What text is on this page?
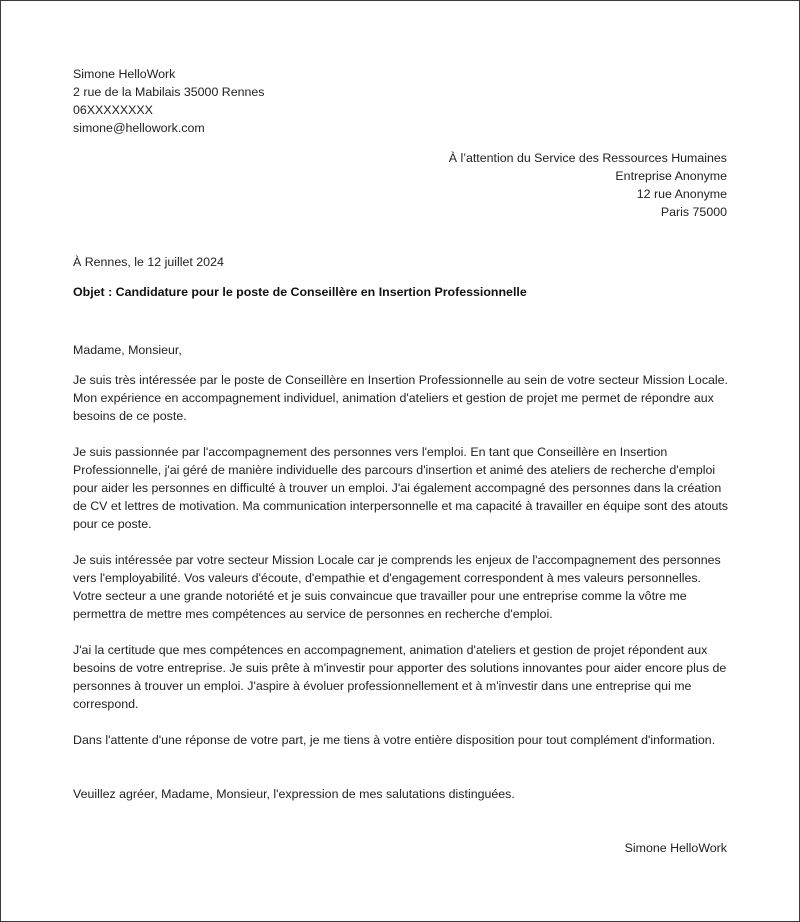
Simone HelloWork
2 rue de la Mabilais 35000 Rennes
06XXXXXXXX
simone@hellowork.com
À l’attention du Service des Ressources Humaines
Entreprise Anonyme
12 rue Anonyme
Paris 75000
À Rennes, le 12 juillet 2024
Objet : Candidature pour le poste de Conseillère en Insertion Professionnelle
Madame, Monsieur,

Je suis très intéressée par le poste de Conseillère en Insertion Professionnelle au sein de votre secteur Mission Locale. Mon expérience en accompagnement individuel, animation d'ateliers et gestion de projet me permet de répondre aux besoins de ce poste.

Je suis passionnée par l'accompagnement des personnes vers l'emploi. En tant que Conseillère en Insertion Professionnelle, j'ai géré de manière individuelle des parcours d'insertion et animé des ateliers de recherche d'emploi pour aider les personnes en difficulté à trouver un emploi. J'ai également accompagné des personnes dans la création de CV et lettres de motivation. Ma communication interpersonnelle et ma capacité à travailler en équipe sont des atouts pour ce poste.

Je suis intéressée par votre secteur Mission Locale car je comprends les enjeux de l'accompagnement des personnes vers l'employabilité. Vos valeurs d'écoute, d'empathie et d'engagement correspondent à mes valeurs personnelles. Votre secteur a une grande notoriété et je suis convaincue que travailler pour une entreprise comme la vôtre me permettra de mettre mes compétences au service de personnes en recherche d'emploi.

J'ai la certitude que mes compétences en accompagnement, animation d'ateliers et gestion de projet répondent aux besoins de votre entreprise. Je suis prête à m'investir pour apporter des solutions innovantes pour aider encore plus de personnes à trouver un emploi. J'aspire à évoluer professionnellement et à m'investir dans une entreprise qui me correspond.

Dans l'attente d'une réponse de votre part, je me tiens à votre entière disposition pour tout complément d'information.

Veuillez agréer, Madame, Monsieur, l'expression de mes salutations distinguées.
Simone HelloWork
